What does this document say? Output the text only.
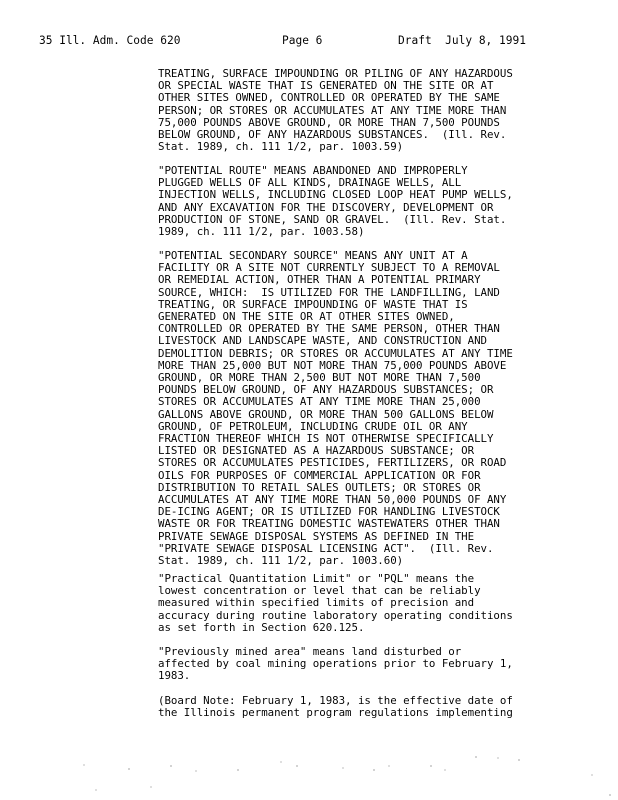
35 Ill. Adm. Code 620	Page 6	Draft  July 8, 1991
TREATING, SURFACE IMPOUNDING OR PILING OF ANY HAZARDOUS
OR SPECIAL WASTE THAT IS GENERATED ON THE SITE OR AT
OTHER SITES OWNED, CONTROLLED OR OPERATED BY THE SAME
PERSON; OR STORES OR ACCUMULATES AT ANY TIME MORE THAN
75,000 POUNDS ABOVE GROUND, OR MORE THAN 7,500 POUNDS
BELOW GROUND, OF ANY HAZARDOUS SUBSTANCES.  (Ill. Rev.
Stat. 1989, ch. 111 1/2, par. 1003.59)
"POTENTIAL ROUTE" MEANS ABANDONED AND IMPROPERLY
PLUGGED WELLS OF ALL KINDS, DRAINAGE WELLS, ALL
INJECTION WELLS, INCLUDING CLOSED LOOP HEAT PUMP WELLS,
AND ANY EXCAVATION FOR THE DISCOVERY, DEVELOPMENT OR
PRODUCTION OF STONE, SAND OR GRAVEL.  (Ill. Rev. Stat.
1989, ch. 111 1/2, par. 1003.58)
"POTENTIAL SECONDARY SOURCE" MEANS ANY UNIT AT A
FACILITY OR A SITE NOT CURRENTLY SUBJECT TO A REMOVAL
OR REMEDIAL ACTION, OTHER THAN A POTENTIAL PRIMARY
SOURCE, WHICH:  IS UTILIZED FOR THE LANDFILLING, LAND
TREATING, OR SURFACE IMPOUNDING OF WASTE THAT IS
GENERATED ON THE SITE OR AT OTHER SITES OWNED,
CONTROLLED OR OPERATED BY THE SAME PERSON, OTHER THAN
LIVESTOCK AND LANDSCAPE WASTE, AND CONSTRUCTION AND
DEMOLITION DEBRIS; OR STORES OR ACCUMULATES AT ANY TIME
MORE THAN 25,000 BUT NOT MORE THAN 75,000 POUNDS ABOVE
GROUND, OR MORE THAN 2,500 BUT NOT MORE THAN 7,500
POUNDS BELOW GROUND, OF ANY HAZARDOUS SUBSTANCES; OR
STORES OR ACCUMULATES AT ANY TIME MORE THAN 25,000
GALLONS ABOVE GROUND, OR MORE THAN 500 GALLONS BELOW
GROUND, OF PETROLEUM, INCLUDING CRUDE OIL OR ANY
FRACTION THEREOF WHICH IS NOT OTHERWISE SPECIFICALLY
LISTED OR DESIGNATED AS A HAZARDOUS SUBSTANCE; OR
STORES OR ACCUMULATES PESTICIDES, FERTILIZERS, OR ROAD
OILS FOR PURPOSES OF COMMERCIAL APPLICATION OR FOR
DISTRIBUTION TO RETAIL SALES OUTLETS; OR STORES OR
ACCUMULATES AT ANY TIME MORE THAN 50,000 POUNDS OF ANY
DE-ICING AGENT; OR IS UTILIZED FOR HANDLING LIVESTOCK
WASTE OR FOR TREATING DOMESTIC WASTEWATERS OTHER THAN
PRIVATE SEWAGE DISPOSAL SYSTEMS AS DEFINED IN THE
"PRIVATE SEWAGE DISPOSAL LICENSING ACT".  (Ill. Rev.
Stat. 1989, ch. 111 1/2, par. 1003.60)
"Practical Quantitation Limit" or "PQL" means the
lowest concentration or level that can be reliably
measured within specified limits of precision and
accuracy during routine laboratory operating conditions
as set forth in Section 620.125.
"Previously mined area" means land disturbed or
affected by coal mining operations prior to February 1,
1983.
(Board Note: February 1, 1983, is the effective date of
the Illinois permanent program regulations implementing
